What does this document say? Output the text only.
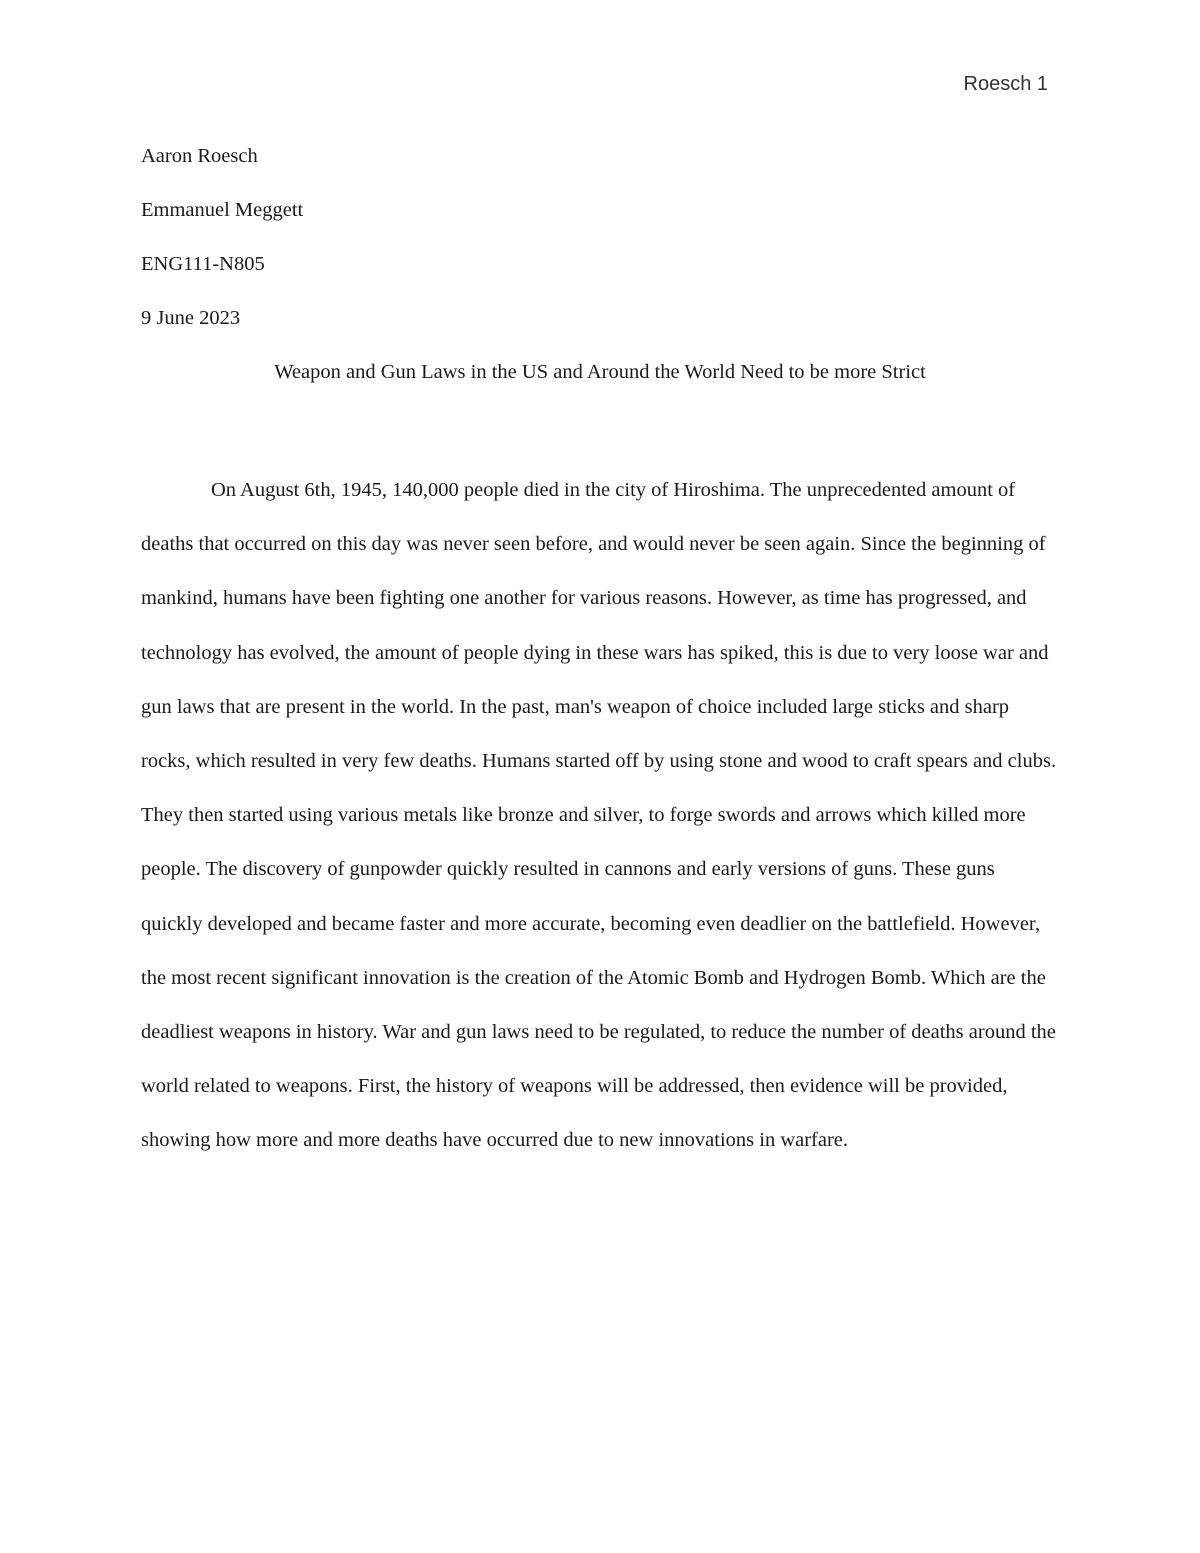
Roesch 1
Aaron Roesch
Emmanuel Meggett
ENG111-N805
9 June 2023
Weapon and Gun Laws in the US and Around the World Need to be more Strict
On August 6th, 1945, 140,000 people died in the city of Hiroshima. The unprecedented amount of deaths that occurred on this day was never seen before, and would never be seen again. Since the beginning of mankind, humans have been fighting one another for various reasons. However, as time has progressed, and technology has evolved, the amount of people dying in these wars has spiked, this is due to very loose war and gun laws that are present in the world. In the past, man's weapon of choice included large sticks and sharp rocks, which resulted in very few deaths. Humans started off by using stone and wood to craft spears and clubs. They then started using various metals like bronze and silver, to forge swords and arrows which killed more people. The discovery of gunpowder quickly resulted in cannons and early versions of guns. These guns quickly developed and became faster and more accurate, becoming even deadlier on the battlefield. However, the most recent significant innovation is the creation of the Atomic Bomb and Hydrogen Bomb. Which are the deadliest weapons in history. War and gun laws need to be regulated, to reduce the number of deaths around the world related to weapons. First, the history of weapons will be addressed, then evidence will be provided, showing how more and more deaths have occurred due to new innovations in warfare.
